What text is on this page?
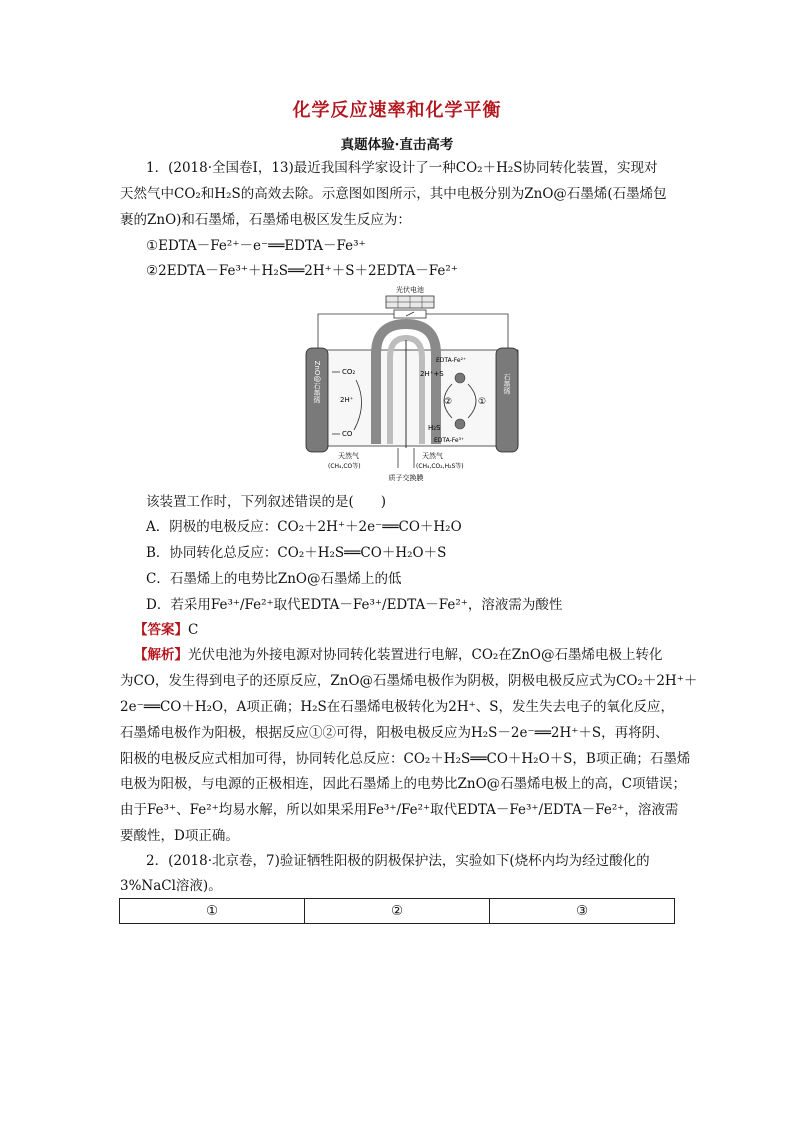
化学反应速率和化学平衡
真题体验·直击高考
1．(2018·全国卷Ⅰ，13)最近我国科学家设计了一种CO₂＋H₂S协同转化装置，实现对
天然气中CO₂和H₂S的高效去除。示意图如图所示，其中电极分别为ZnO@石墨烯(石墨烯包
裹的ZnO)和石墨烯，石墨烯电极区发生反应为：
①EDTA－Fe²⁺－e⁻══EDTA－Fe³⁺
②2EDTA－Fe³⁺＋H₂S══2H⁺＋S＋2EDTA－Fe²⁺
光伏电池
ZnO@石墨烯	石墨烯
CO₂
2H⁺
CO
EDTA-Fe²⁺
2H⁺+S
②	①
H₂S
EDTA-Fe³⁺
天然气
(CH₄,CO等)
天然气
(CH₄,CO₂,H₂S等)
质子交换膜
该装置工作时，下列叙述错误的是(　　)
A．阴极的电极反应：CO₂＋2H⁺＋2e⁻══CO＋H₂O
B．协同转化总反应：CO₂＋H₂S══CO＋H₂O＋S
C．石墨烯上的电势比ZnO@石墨烯上的低
D．若采用Fe³⁺/Fe²⁺取代EDTA－Fe³⁺/EDTA－Fe²⁺，溶液需为酸性
【答案】C
【解析】光伏电池为外接电源对协同转化装置进行电解，CO₂在ZnO@石墨烯电极上转化
为CO，发生得到电子的还原反应，ZnO@石墨烯电极作为阴极，阴极电极反应式为CO₂＋2H⁺＋
2e⁻══CO＋H₂O，A项正确；H₂S在石墨烯电极转化为2H⁺、S，发生失去电子的氧化反应，
石墨烯电极作为阳极，根据反应①②可得，阳极电极反应为H₂S－2e⁻══2H⁺＋S，再将阴、
阳极的电极反应式相加可得，协同转化总反应：CO₂＋H₂S══CO＋H₂O＋S，B项正确；石墨烯
电极为阳极，与电源的正极相连，因此石墨烯上的电势比ZnO@石墨烯电极上的高，C项错误；
由于Fe³⁺、Fe²⁺均易水解，所以如果采用Fe³⁺/Fe²⁺取代EDTA－Fe³⁺/EDTA－Fe²⁺，溶液需
要酸性，D项正确。
2．(2018·北京卷，7)验证牺牲阳极的阴极保护法，实验如下(烧杯内均为经过酸化的
3%NaCl溶液)。
①	②	③
